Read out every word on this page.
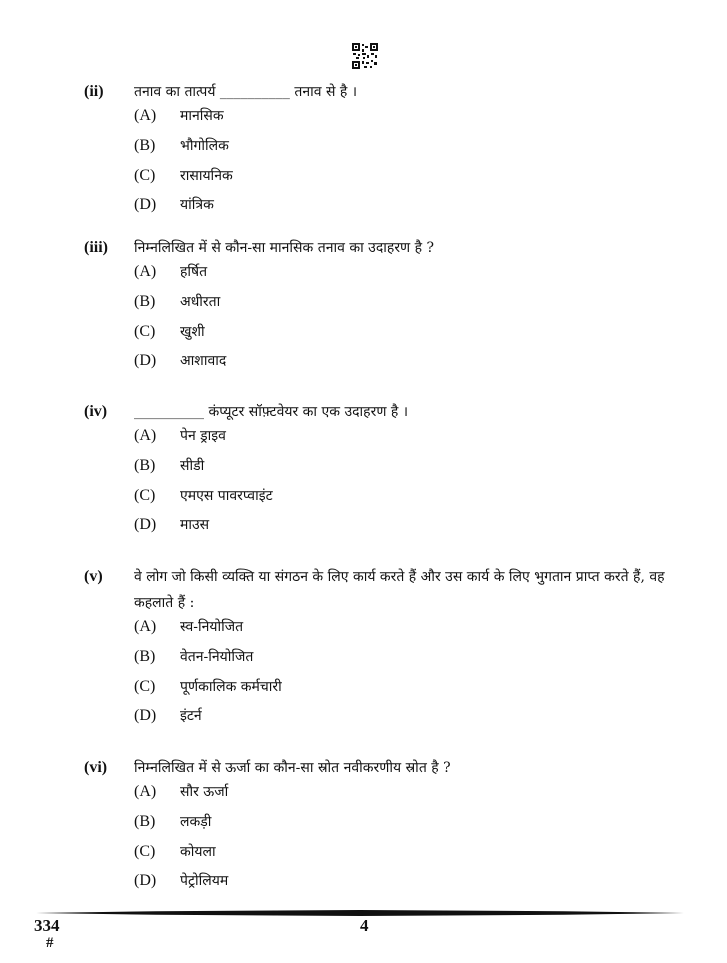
(ii) तनाव का तात्पर्य __________ तनाव से है ।
(A) मानसिक
(B) भौगोलिक
(C) रासायनिक
(D) यांत्रिक
(iii) निम्नलिखित में से कौन-सा मानसिक तनाव का उदाहरण है ?
(A) हर्षित
(B) अधीरता
(C) खुशी
(D) आशावाद
(iv) __________ कंप्यूटर सॉफ़्टवेयर का एक उदाहरण है ।
(A) पेन ड्राइव
(B) सीडी
(C) एमएस पावरप्वाइंट
(D) माउस
(v) वे लोग जो किसी व्यक्ति या संगठन के लिए कार्य करते हैं और उस कार्य के लिए भुगतान प्राप्त करते हैं, वह कहलाते हैं :
(A) स्व-नियोजित
(B) वेतन-नियोजित
(C) पूर्णकालिक कर्मचारी
(D) इंटर्न
(vi) निम्नलिखित में से ऊर्जा का कौन-सा स्रोत नवीकरणीय स्रोत है ?
(A) सौर ऊर्जा
(B) लकड़ी
(C) कोयला
(D) पेट्रोलियम
334
#
4
